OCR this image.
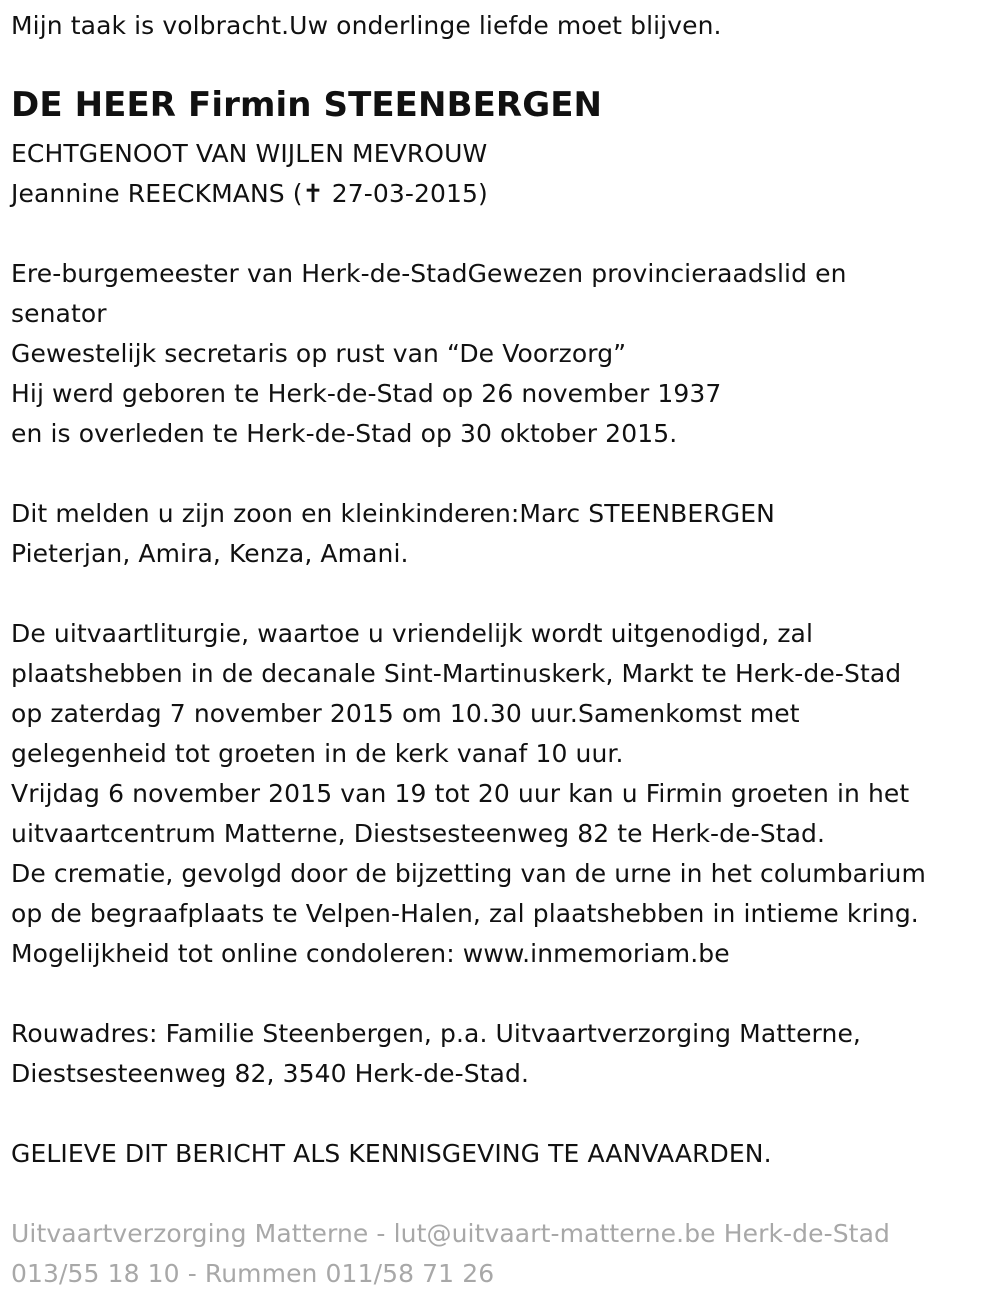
Mijn taak is volbracht.Uw onderlinge liefde moet blijven.
DE HEER Firmin STEENBERGEN
ECHTGENOOT VAN WIJLEN MEVROUW
Jeannine REECKMANS (✝ 27-03-2015)
Ere-burgemeester van Herk-de-StadGewezen provincieraadslid en
senator
Gewestelijk secretaris op rust van “De Voorzorg”
Hij werd geboren te Herk-de-Stad op 26 november 1937
en is overleden te Herk-de-Stad op 30 oktober 2015.
Dit melden u zijn zoon en kleinkinderen:Marc STEENBERGEN
Pieterjan, Amira, Kenza, Amani.
De uitvaartliturgie, waartoe u vriendelijk wordt uitgenodigd, zal
plaatshebben in de decanale Sint-Martinuskerk, Markt te Herk-de-Stad
op zaterdag 7 november 2015 om 10.30 uur.Samenkomst met
gelegenheid tot groeten in de kerk vanaf 10 uur.
Vrijdag 6 november 2015 van 19 tot 20 uur kan u Firmin groeten in het
uitvaartcentrum Matterne, Diestsesteenweg 82 te Herk-de-Stad.
De crematie, gevolgd door de bijzetting van de urne in het columbarium
op de begraafplaats te Velpen-Halen, zal plaatshebben in intieme kring.
Mogelijkheid tot online condoleren: www.inmemoriam.be
Rouwadres: Familie Steenbergen, p.a. Uitvaartverzorging Matterne,
Diestsesteenweg 82, 3540 Herk-de-Stad.
GELIEVE DIT BERICHT ALS KENNISGEVING TE AANVAARDEN.
Uitvaartverzorging Matterne - lut@uitvaart-matterne.be Herk-de-Stad
013/55 18 10 - Rummen 011/58 71 26
